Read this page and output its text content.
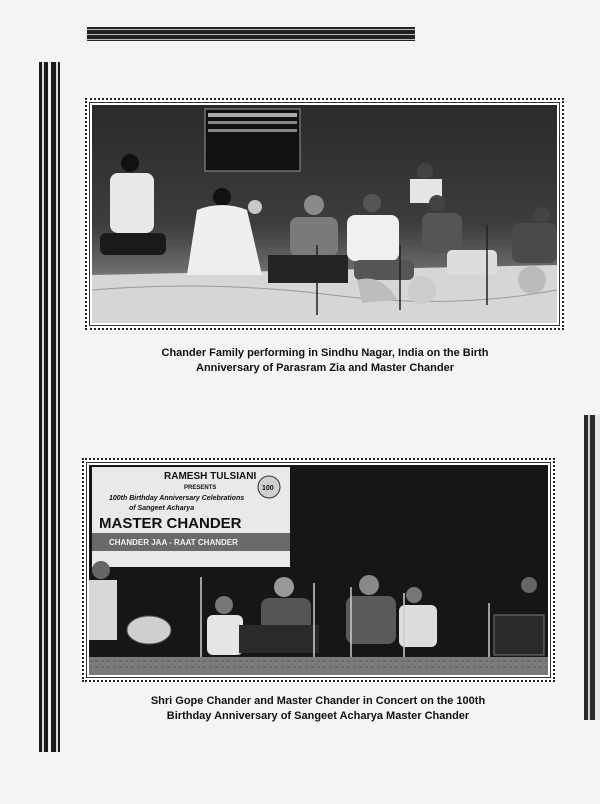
Chander Family performing in Sindhu Nagar, India on the Birth
Anniversary of Parasram Zia and Master Chander

RAMESH TULSIANI
PRESENTS
100th Birthday Anniversary Celebrations
of Sangeet Acharya
MASTER CHANDER
CHANDER JAA - RAAT CHANDER
100

Shri Gope Chander and Master Chander in Concert on the 100th
Birthday Anniversary of Sangeet Acharya Master Chander
